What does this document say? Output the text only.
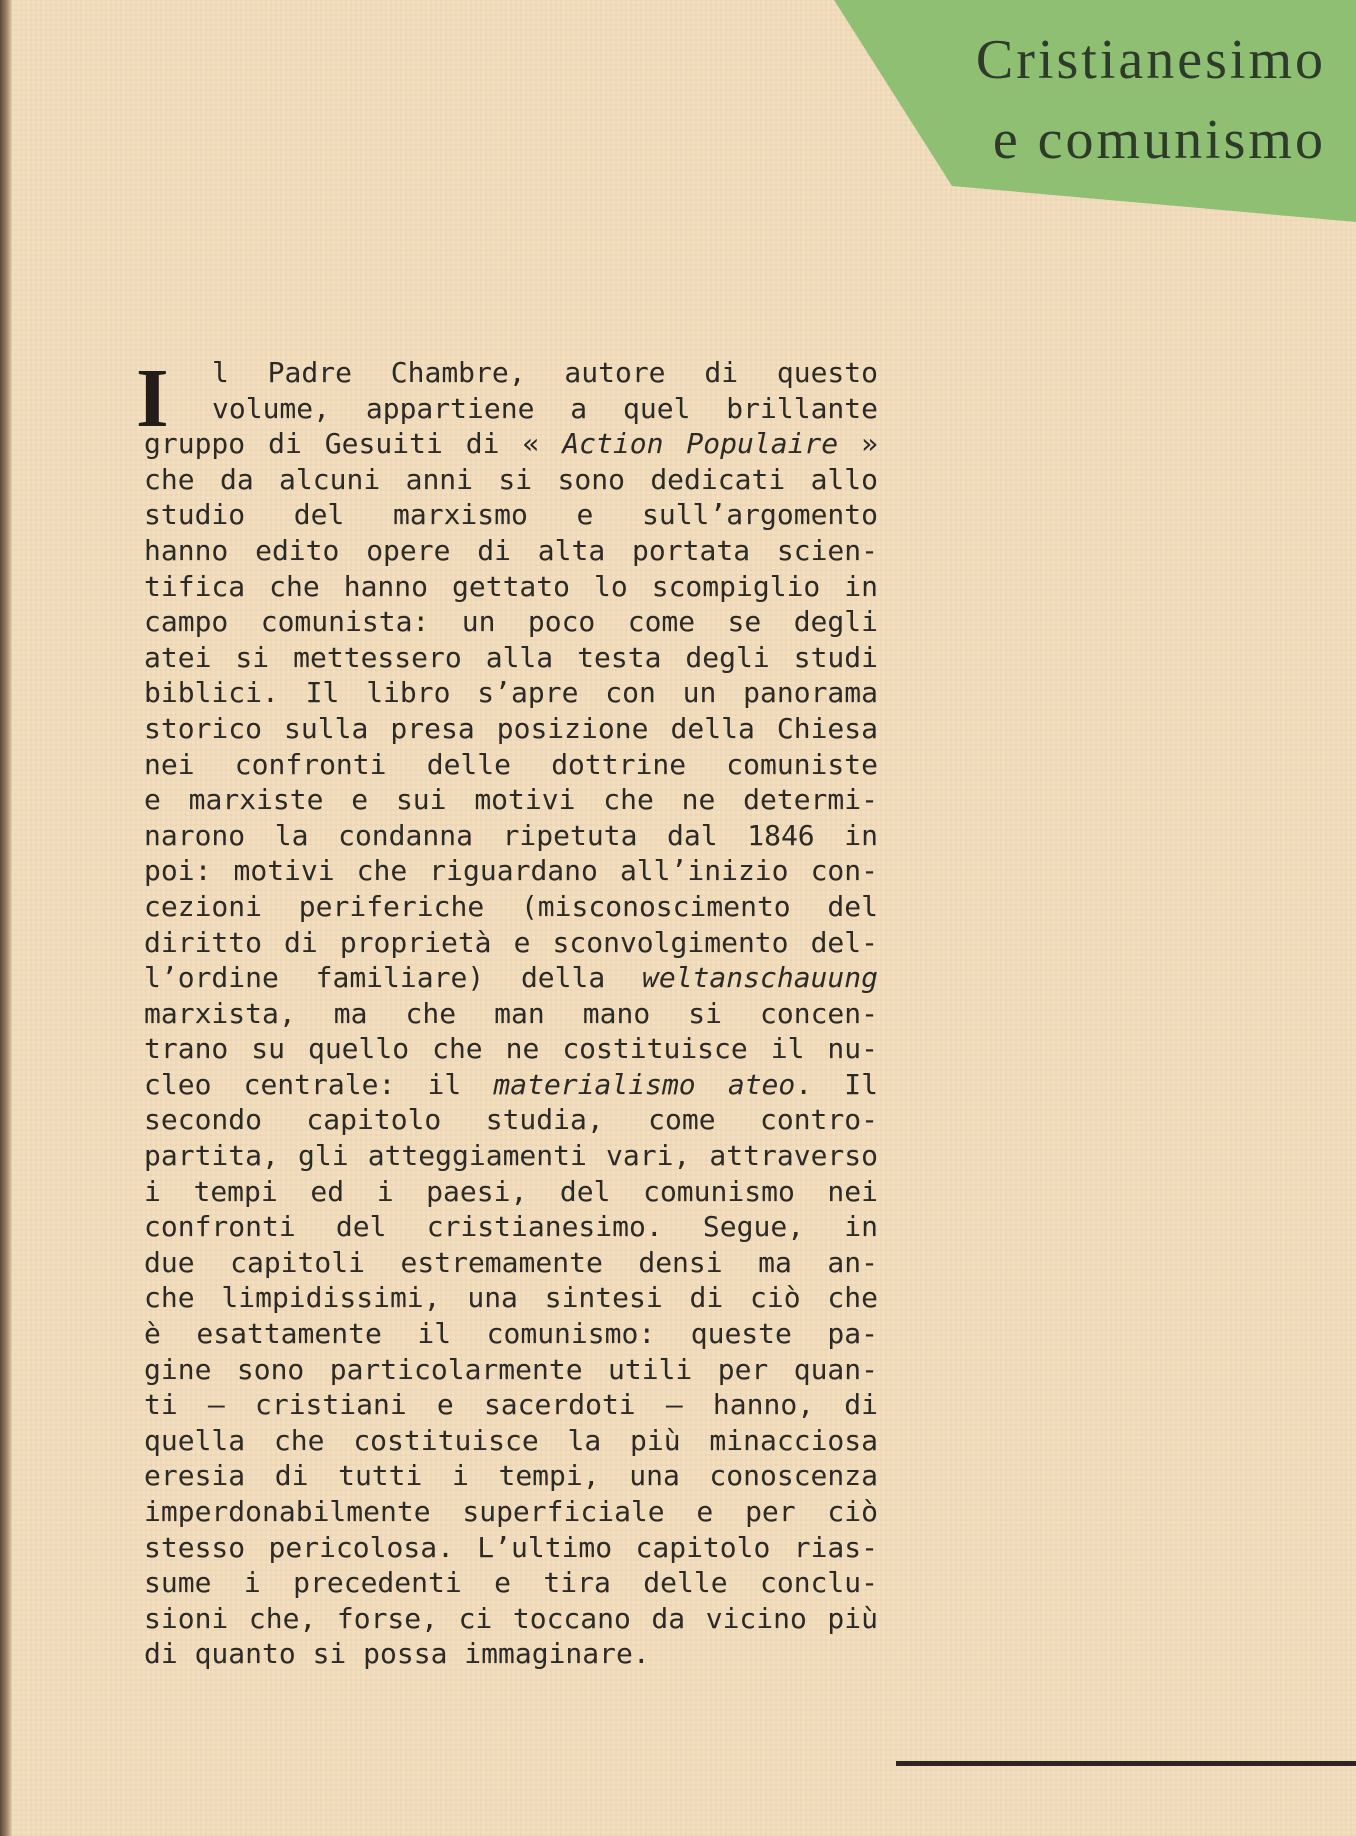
Cristianesimo
e comunismo
I	l Padre Chambre, autore di questo
volume, appartiene a quel brillante
gruppo di Gesuiti di « Action Populaire »
che da alcuni anni si sono dedicati allo
studio del marxismo e sull’argomento
hanno edito opere di alta portata scien-
tifica che hanno gettato lo scompiglio in
campo comunista: un poco come se degli
atei si mettessero alla testa degli studi
biblici. Il libro s’apre con un panorama
storico sulla presa posizione della Chiesa
nei confronti delle dottrine comuniste
e marxiste e sui motivi che ne determi-
narono la condanna ripetuta dal 1846 in
poi: motivi che riguardano all’inizio con-
cezioni periferiche (misconoscimento del
diritto di proprietà e sconvolgimento del-
l’ordine familiare) della weltanschauung
marxista, ma che man mano si concen-
trano su quello che ne costituisce il nu-
cleo centrale: il materialismo ateo. Il
secondo capitolo studia, come contro-
partita, gli atteggiamenti vari, attraverso
i tempi ed i paesi, del comunismo nei
confronti del cristianesimo. Segue, in
due capitoli estremamente densi ma an-
che limpidissimi, una sintesi di ciò che
è esattamente il comunismo: queste pa-
gine sono particolarmente utili per quan-
ti — cristiani e sacerdoti — hanno, di
quella che costituisce la più minacciosa
eresia di tutti i tempi, una conoscenza
imperdonabilmente superficiale e per ciò
stesso pericolosa. L’ultimo capitolo rias-
sume i precedenti e tira delle conclu-
sioni che, forse, ci toccano da vicino più
di quanto si possa immaginare.
